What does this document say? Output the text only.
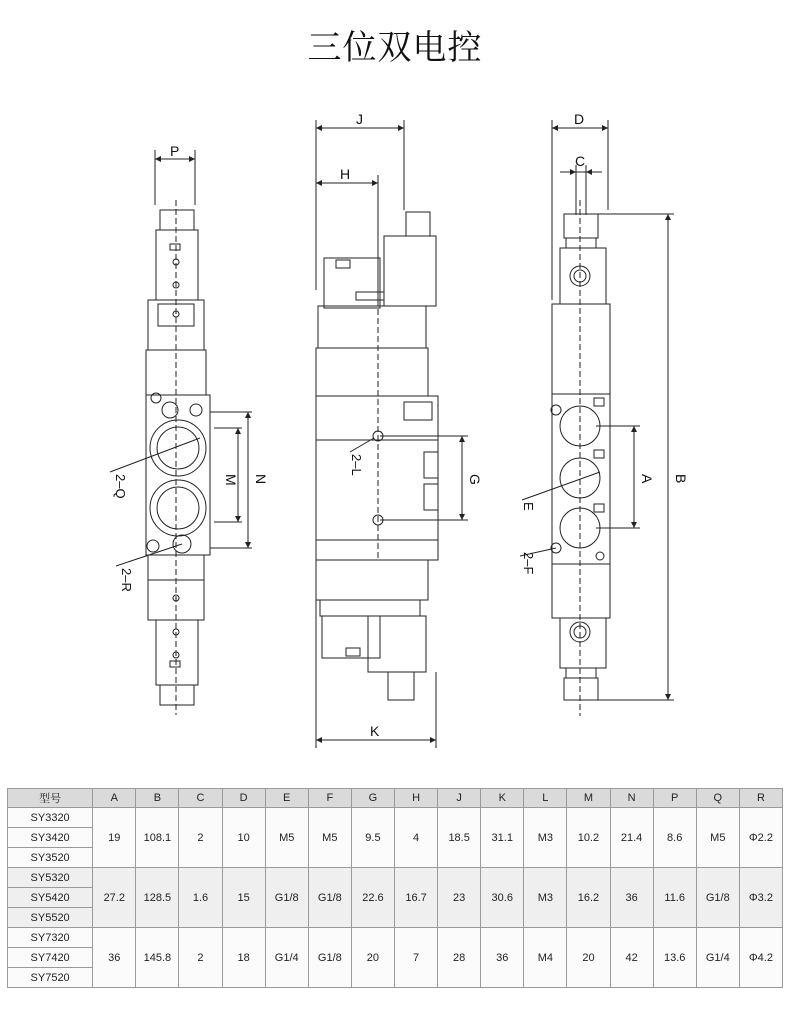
三位双电控
P
J
H
D
C
K
M N	G	A B
2–Q
2–R
2–L
E
2–F
型号	A	B	C	D	E	F	G	H	J	K	L	M	N	P	Q	R
SY3320	19	108.1	2	10	M5	M5	9.5	4	18.5	31.1	M3	10.2	21.4	8.6	M5	Φ2.2
SY3420																
SY3520																
SY5320	27.2	128.5	1.6	15	G1/8	G1/8	22.6	16.7	23	30.6	M3	16.2	36	11.6	G1/8	Φ3.2
SY5420																
SY5520																
SY7320	36	145.8	2	18	G1/4	G1/8	20	7	28	36	M4	20	42	13.6	G1/4	Φ4.2
SY7420																
SY7520																
